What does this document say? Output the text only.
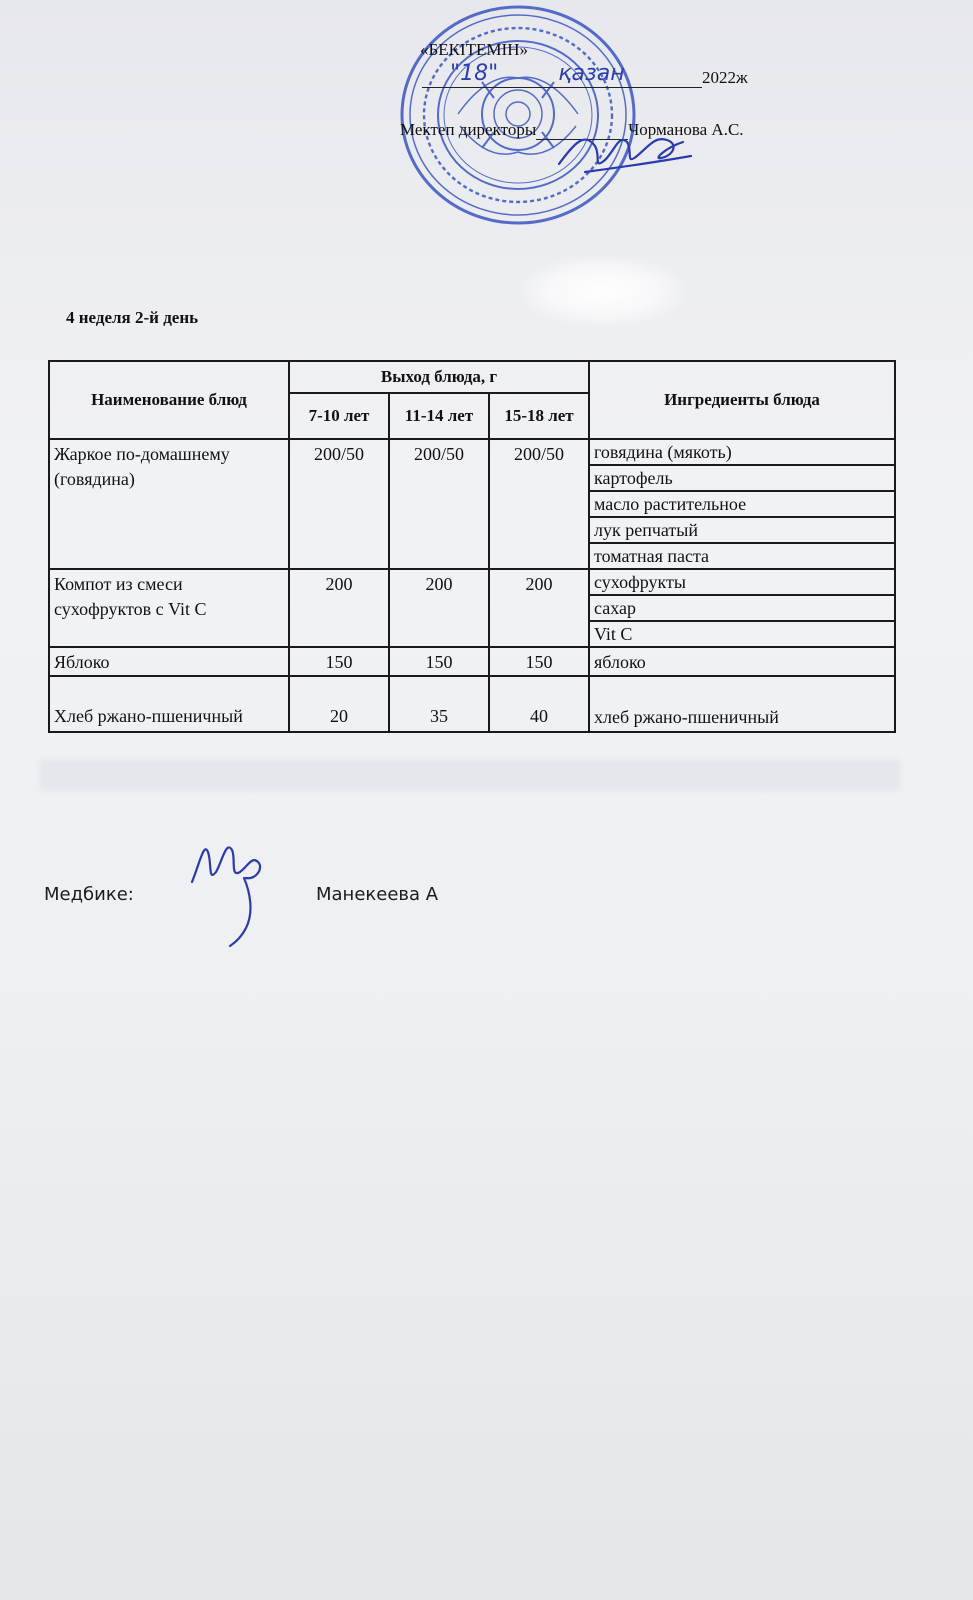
«БЕКІТЕМІН»
"18"	қазан	2022ж
Мектеп директоры	Чорманова А.С.
4 неделя 2-й день
Наименование блюд	Выход блюда, г			Ингредиенты блюда
	7-10 лет	11-14 лет	15-18 лет	
Жаркое по-домашнему (говядина)	200/50	200/50	200/50	говядина (мякоть)
				картофель
				масло растительное
				лук репчатый
				томатная паста
Компот из смеси сухофруктов с Vit C	200	200	200	сухофрукты
				сахар
				Vit C
Яблоко	150	150	150	яблоко
Хлеб ржано-пшеничный	20	35	40	хлеб ржано-пшеничный
Медбике:	Манекеева А
